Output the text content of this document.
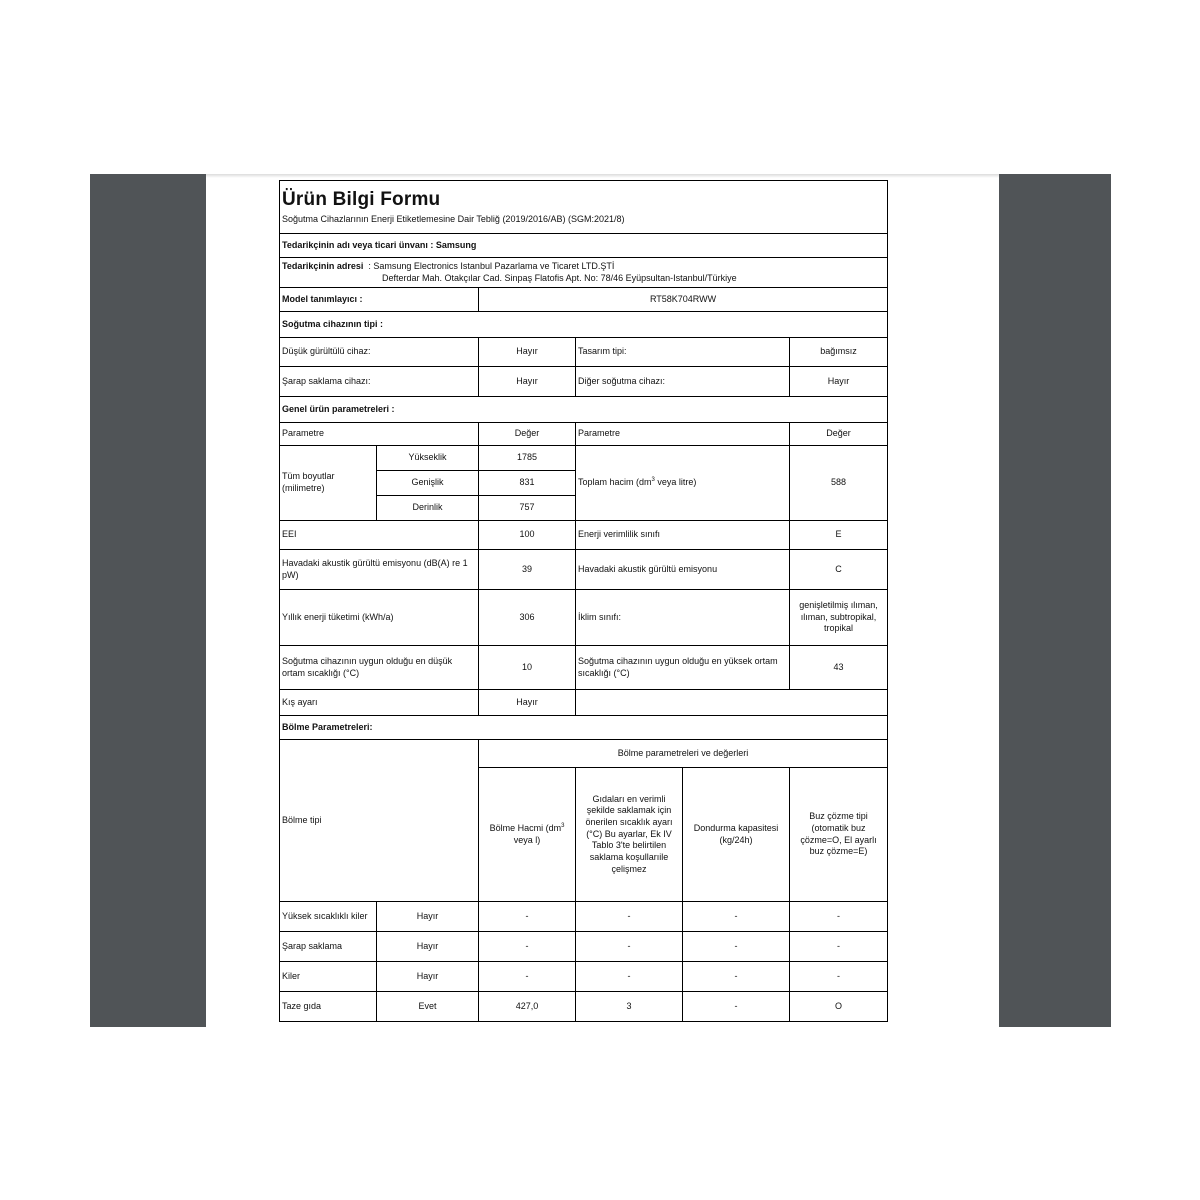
Ürün Bilgi Formu
Soğutma Cihazlarının Enerji Etiketlemesine Dair Tebliğ (2019/2016/AB) (SGM:2021/8)					

Tedarikçinin adı veya ticari ünvanı : Samsung					

Tedarikçinin adresi : Samsung Electronics Istanbul Pazarlama ve Ticaret LTD.ŞTİ
Defterdar Mah. Otakçılar Cad. Sinpaş Flatofis Apt. No: 78/46 Eyüpsultan-Istanbul/Türkiye					

Model tanımlayıcı :		RT58K704RWW			
Soğutma cihazının tipi :					
Düşük gürültülü cihaz:		Hayır	Tasarım tipi:		bağımsız
Şarap saklama cihazı:		Hayır	Diğer soğutma cihazı:		Hayır
Genel ürün parametreleri :					
Parametre		Değer	Parametre		Değer
Tüm boyutlar (milimetre)	Yükseklik	1785	Toplam hacim ($dm^3$ veya litre)		588
	Genişlik	831			
	Derinlik	757			
EEI		100	Enerji verimlilik sınıfı		E
Havadaki akustik gürültü emisyonu (dB(A) re 1 pW)		39	Havadaki akustik gürültü emisyonu		C
Yıllık enerji tüketimi (kWh/a)		306	İklim sınıfı:		genişletilmiş ılıman, ılıman, subtropikal, tropikal
Soğutma cihazının uygun olduğu en düşük ortam sıcaklığı (°C)		10	Soğutma cihazının uygun olduğu en yüksek ortam sıcaklığı (°C)		43
Kış ayarı		Hayır			
Bölme Parametreleri:					
Bölme tipi		Bölme parametreleri ve değerleri			
		Bölme Hacmi ($dm^3$ veya l)	Gıdaları en verimli şekilde saklamak için önerilen sıcaklık ayarı (°C) Bu ayarlar, Ek IV Tablo 3'te belirtilen saklama koşullarıile çelişmez	Dondurma kapasitesi (kg/24h)	Buz çözme tipi (otomatik buz çözme=O, El ayarlı buz çözme=E)
Yüksek sıcaklıklı kiler	Hayır	-	-	-	-
Şarap saklama	Hayır	-	-	-	-
Kiler	Hayır	-	-	-	-
Taze gıda	Evet	427,0	3	-	O
